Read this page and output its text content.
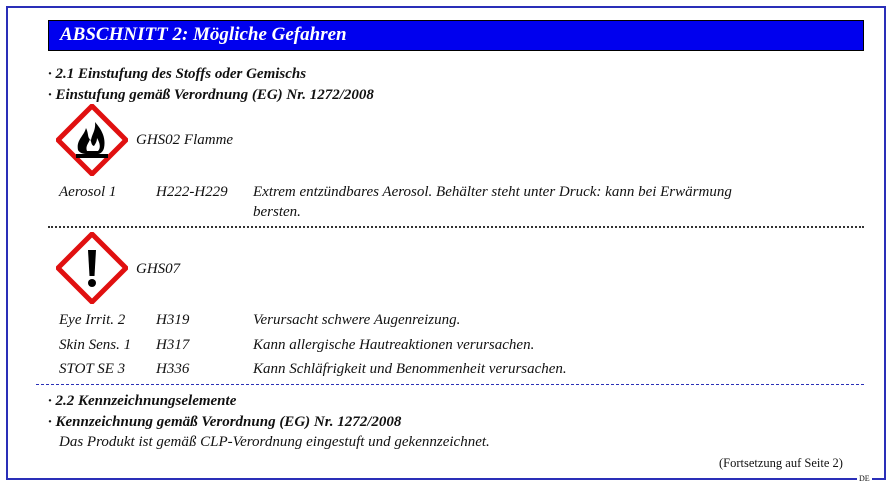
ABSCHNITT 2: Mögliche Gefahren
· 2.1 Einstufung des Stoffs oder Gemischs
· Einstufung gemäß Verordnung (EG) Nr. 1272/2008
GHS02 Flamme
Aerosol 1	H222-H229 Extrem entzündbares Aerosol. Behälter steht unter Druck: kann bei Erwärmung
bersten.
GHS07
Eye Irrit. 2 H319	Verursacht schwere Augenreizung.
Skin Sens. 1 H317	Kann allergische Hautreaktionen verursachen.
STOT SE 3 H336	Kann Schläfrigkeit und Benommenheit verursachen.
· 2.2 Kennzeichnungselemente
· Kennzeichnung gemäß Verordnung (EG) Nr. 1272/2008
Das Produkt ist gemäß CLP-Verordnung eingestuft und gekennzeichnet.
(Fortsetzung auf Seite 2)
DE
